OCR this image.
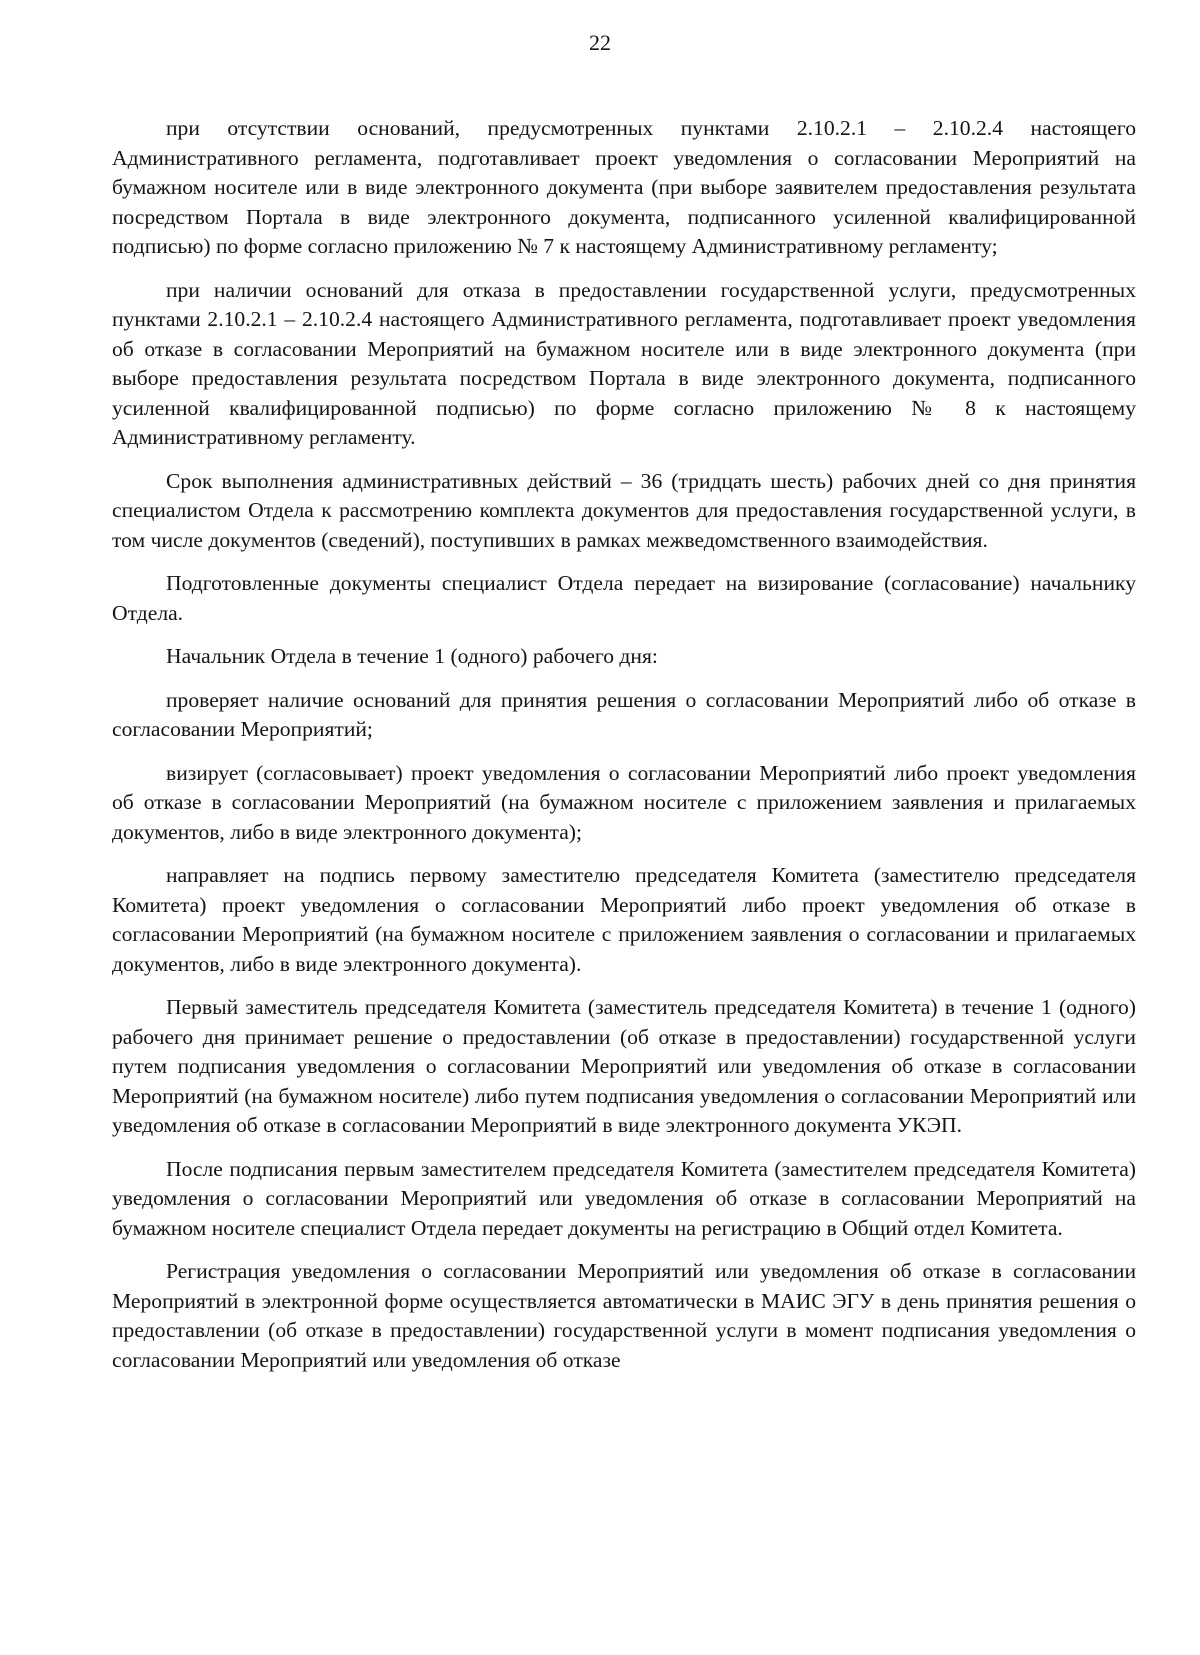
22

при отсутствии оснований, предусмотренных пунктами 2.10.2.1 – 2.10.2.4 настоящего Административного регламента, подготавливает проект уведомления о согласовании Мероприятий на бумажном носителе или в виде электронного документа (при выборе заявителем предоставления результата посредством Портала в виде электронного документа, подписанного усиленной квалифицированной подписью) по форме согласно приложению № 7 к настоящему Административному регламенту;

при наличии оснований для отказа в предоставлении государственной услуги, предусмотренных пунктами 2.10.2.1 – 2.10.2.4 настоящего Административного регламента, подготавливает проект уведомления об отказе в согласовании Мероприятий на бумажном носителе или в виде электронного документа (при выборе предоставления результата посредством Портала в виде электронного документа, подписанного усиленной квалифицированной подписью) по форме согласно приложению № 8 к настоящему Административному регламенту.

Срок выполнения административных действий – 36 (тридцать шесть) рабочих дней со дня принятия специалистом Отдела к рассмотрению комплекта документов для предоставления государственной услуги, в том числе документов (сведений), поступивших в рамках межведомственного взаимодействия.

Подготовленные документы специалист Отдела передает на визирование (согласование) начальнику Отдела.

Начальник Отдела в течение 1 (одного) рабочего дня:

проверяет наличие оснований для принятия решения о согласовании Мероприятий либо об отказе в согласовании Мероприятий;

визирует (согласовывает) проект уведомления о согласовании Мероприятий либо проект уведомления об отказе в согласовании Мероприятий (на бумажном носителе с приложением заявления и прилагаемых документов, либо в виде электронного документа);

направляет на подпись первому заместителю председателя Комитета (заместителю председателя Комитета) проект уведомления о согласовании Мероприятий либо проект уведомления об отказе в согласовании Мероприятий (на бумажном носителе с приложением заявления о согласовании и прилагаемых документов, либо в виде электронного документа).

Первый заместитель председателя Комитета (заместитель председателя Комитета) в течение 1 (одного) рабочего дня принимает решение о предоставлении (об отказе в предоставлении) государственной услуги путем подписания уведомления о согласовании Мероприятий или уведомления об отказе в согласовании Мероприятий (на бумажном носителе) либо путем подписания уведомления о согласовании Мероприятий или уведомления об отказе в согласовании Мероприятий в виде электронного документа УКЭП.

После подписания первым заместителем председателя Комитета (заместителем председателя Комитета) уведомления о согласовании Мероприятий или уведомления об отказе в согласовании Мероприятий на бумажном носителе специалист Отдела передает документы на регистрацию в Общий отдел Комитета.

Регистрация уведомления о согласовании Мероприятий или уведомления об отказе в согласовании Мероприятий в электронной форме осуществляется автоматически в МАИС ЭГУ в день принятия решения о предоставлении (об отказе в предоставлении) государственной услуги в момент подписания уведомления о согласовании Мероприятий или уведомления об отказе
